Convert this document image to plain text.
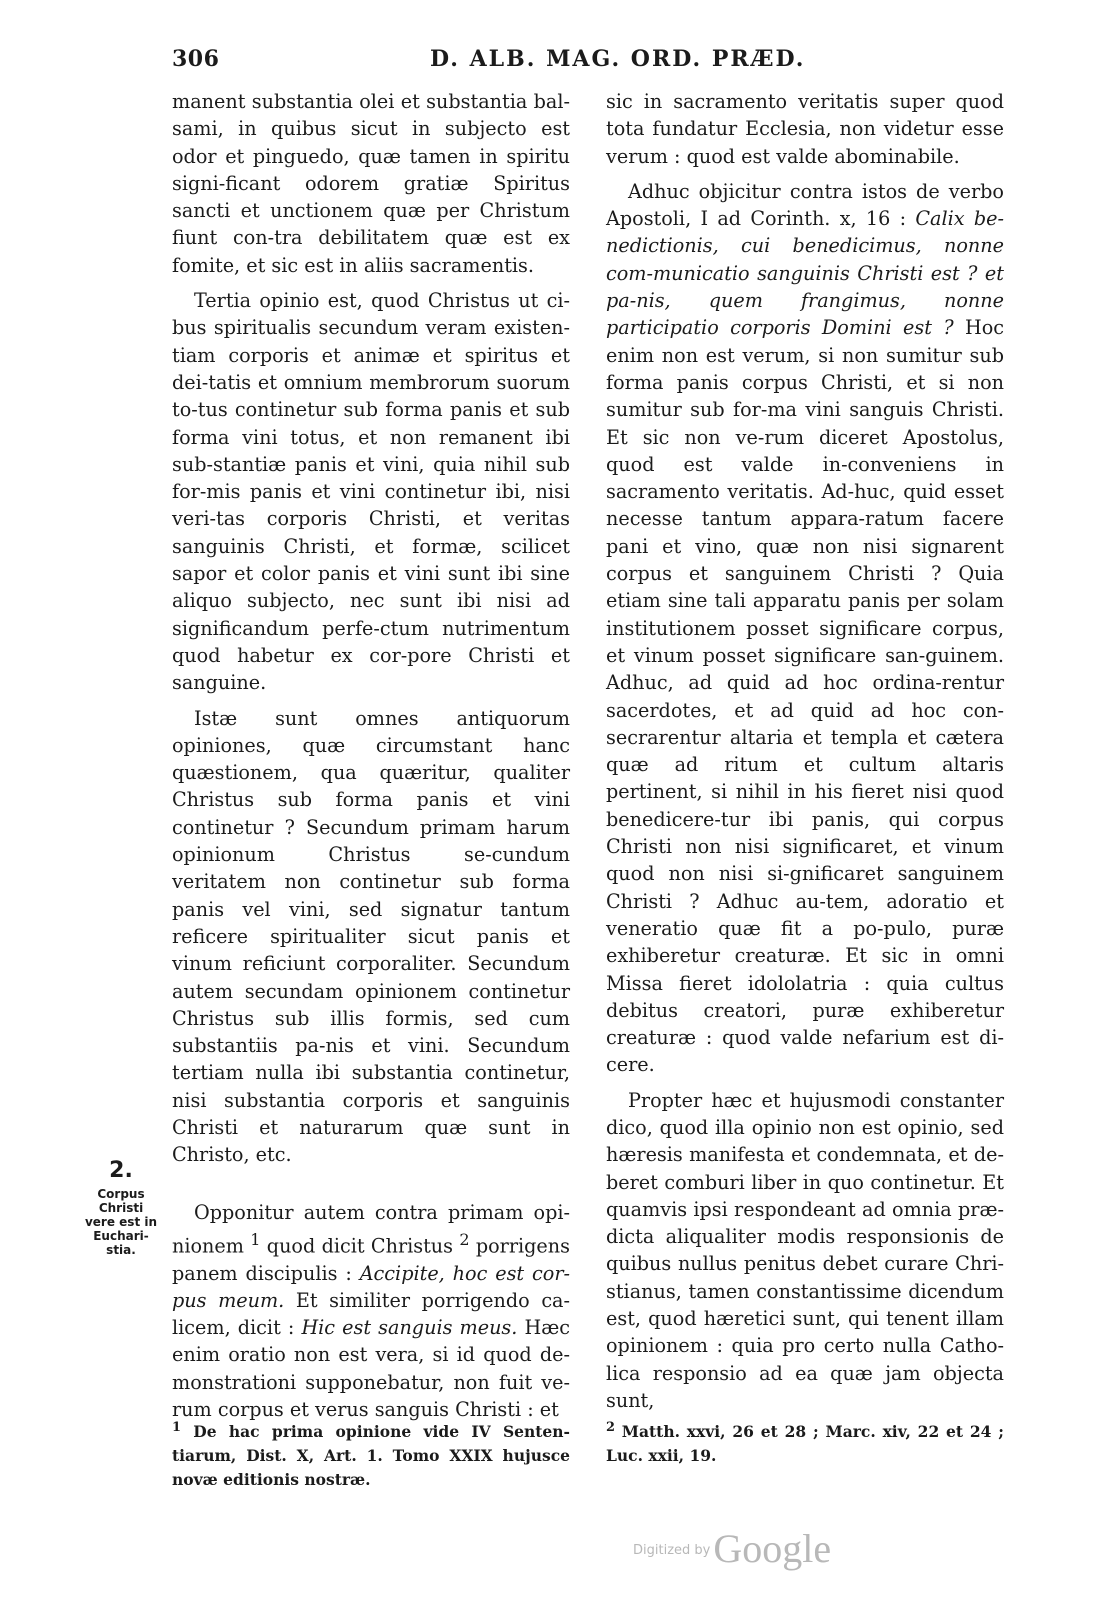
306	D. ALB. MAG. ORD. PRÆD.
2.
Corpus Christi vere est in Euchari-stia.

manent substantia olei et substantia bal-sami, in quibus sicut in subjecto est odor et pinguedo, quæ tamen in spiritu signi-ficant odorem gratiæ Spiritus sancti et unctionem quæ per Christum fiunt con-tra debilitatem quæ est ex fomite, et sic est in aliis sacramentis.

Tertia opinio est, quod Christus ut ci-bus spiritualis secundum veram existen-tiam corporis et animæ et spiritus et dei-tatis et omnium membrorum suorum to-tus continetur sub forma panis et sub forma vini totus, et non remanent ibi sub-stantiæ panis et vini, quia nihil sub for-mis panis et vini continetur ibi, nisi veri-tas corporis Christi, et veritas sanguinis Christi, et formæ, scilicet sapor et color panis et vini sunt ibi sine aliquo subjecto, nec sunt ibi nisi ad significandum perfe-ctum nutrimentum quod habetur ex cor-pore Christi et sanguine.

Istæ sunt omnes antiquorum opiniones, quæ circumstant hanc quæstionem, qua quæritur, qualiter Christus sub forma panis et vini continetur ? Secundum primam harum opinionum Christus se-cundum veritatem non continetur sub forma panis vel vini, sed signatur tantum reficere spiritualiter sicut panis et vinum reficiunt corporaliter. Secundum autem secundam opinionem continetur Christus sub illis formis, sed cum substantiis pa-nis et vini. Secundum tertiam nulla ibi substantia continetur, nisi substantia corporis et sanguinis Christi et naturarum quæ sunt in Christo, etc.

Opponitur autem contra primam opi-nionem $^1$ quod dicit Christus $^2$ porrigens panem discipulis : Accipite, hoc est cor-pus meum. Et similiter porrigendo ca-licem, dicit : Hic est sanguis meus. Hæc enim oratio non est vera, si id quod de-monstrationi supponebatur, non fuit ve-rum corpus et verus sanguis Christi : et

sic in sacramento veritatis super quod tota fundatur Ecclesia, non videtur esse verum : quod est valde abominabile.

Adhuc objicitur contra istos de verbo Apostoli, I ad Corinth. x, 16 : Calix be-nedictionis, cui benedicimus, nonne com-municatio sanguinis Christi est ? et pa-nis, quem frangimus, nonne participatio corporis Domini est ? Hoc enim non est verum, si non sumitur sub forma panis corpus Christi, et si non sumitur sub for-ma vini sanguis Christi. Et sic non ve-rum diceret Apostolus, quod est valde in-conveniens in sacramento veritatis. Ad-huc, quid esset necesse tantum appara-ratum facere pani et vino, quæ non nisi signarent corpus et sanguinem Christi ? Quia etiam sine tali apparatu panis per solam institutionem posset significare corpus, et vinum posset significare san-guinem. Adhuc, ad quid ad hoc ordina-rentur sacerdotes, et ad quid ad hoc con-secrarentur altaria et templa et cætera quæ ad ritum et cultum altaris pertinent, si nihil in his fieret nisi quod benedicere-tur ibi panis, qui corpus Christi non nisi significaret, et vinum quod non nisi si-gnificaret sanguinem Christi ? Adhuc au-tem, adoratio et veneratio quæ fit a po-pulo, puræ exhiberetur creaturæ. Et sic in omni Missa fieret idololatria : quia cultus debitus creatori, puræ exhiberetur creaturæ : quod valde nefarium est di-cere.

Propter hæc et hujusmodi constanter dico, quod illa opinio non est opinio, sed hæresis manifesta et condemnata, et de-beret comburi liber in quo continetur. Et quamvis ipsi respondeant ad omnia præ-dicta aliqualiter modis responsionis de quibus nullus penitus debet curare Chri-stianus, tamen constantissime dicendum est, quod hæretici sunt, qui tenent illam opinionem : quia pro certo nulla Catho-lica responsio ad ea quæ jam objecta sunt,

$^1$ De hac prima opinione vide IV Senten-tiarum, Dist. X, Art. 1. Tomo XXIX hujusce novæ editionis nostræ.
$^2$ Matth. xxvi, 26 et 28 ; Marc. xiv, 22 et 24 ; Luc. xxii, 19.
$^{Digitized by}$Google
